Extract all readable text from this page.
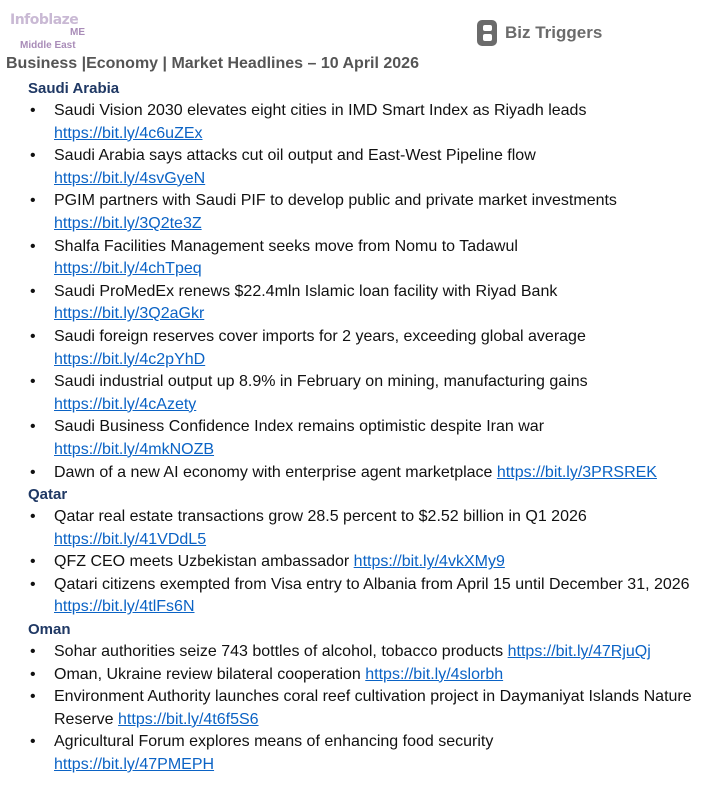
Infoblaze
ME
Middle East
Biz Triggers
Business |Economy | Market Headlines – 10 April 2026
Saudi Arabia
• Saudi Vision 2030 elevates eight cities in IMD Smart Index as Riyadh leads
https://bit.ly/4c6uZEx
• Saudi Arabia says attacks cut oil output and East-West Pipeline flow
https://bit.ly/4svGyeN
• PGIM partners with Saudi PIF to develop public and private market investments
https://bit.ly/3Q2te3Z
• Shalfa Facilities Management seeks move from Nomu to Tadawul
https://bit.ly/4chTpeq
• Saudi ProMedEx renews $22.4mln Islamic loan facility with Riyad Bank
https://bit.ly/3Q2aGkr
• Saudi foreign reserves cover imports for 2 years, exceeding global average
https://bit.ly/4c2pYhD
• Saudi industrial output up 8.9% in February on mining, manufacturing gains https://bit.ly/4cAzety
• Saudi Business Confidence Index remains optimistic despite Iran war
https://bit.ly/4mkNOZB
• Dawn of a new AI economy with enterprise agent marketplace https://bit.ly/3PRSREK
Qatar
• Qatar real estate transactions grow 28.5 percent to $2.52 billion in Q1 2026
https://bit.ly/41VDdL5
• QFZ CEO meets Uzbekistan ambassador https://bit.ly/4vkXMy9
• Qatari citizens exempted from Visa entry to Albania from April 15 until December 31, 2026 https://bit.ly/4tlFs6N
Oman
• Sohar authorities seize 743 bottles of alcohol, tobacco products https://bit.ly/47RjuQj
• Oman, Ukraine review bilateral cooperation https://bit.ly/4slorbh
• Environment Authority launches coral reef cultivation project in Daymaniyat Islands Nature Reserve https://bit.ly/4t6f5S6
• Agricultural Forum explores means of enhancing food security
https://bit.ly/47PMEPH
